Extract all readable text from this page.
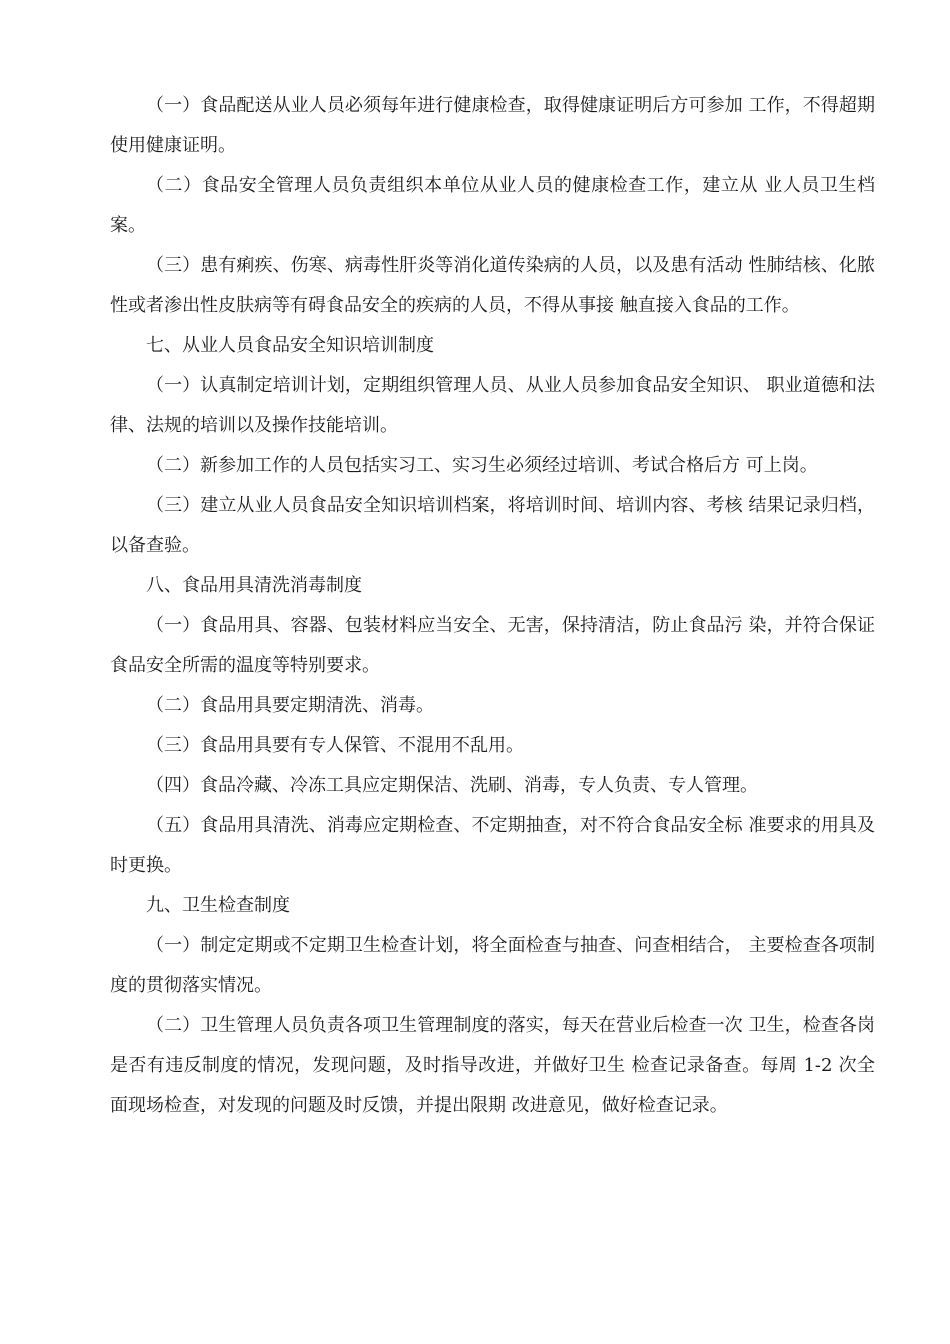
（一）食品配送从业人员必须每年进行健康检查，取得健康证明后方可参加 工作，不得超期使用健康证明。

（二）食品安全管理人员负责组织本单位从业人员的健康检查工作，建立从 业人员卫生档案。

（三）患有痢疾、伤寒、病毒性肝炎等消化道传染病的人员，以及患有活动 性肺结核、化脓性或者渗出性皮肤病等有碍食品安全的疾病的人员，不得从事接 触直接入食品的工作。

七、从业人员食品安全知识培训制度

（一）认真制定培训计划，定期组织管理人员、从业人员参加食品安全知识、 职业道德和法律、法规的培训以及操作技能培训。

（二）新参加工作的人员包括实习工、实习生必须经过培训、考试合格后方 可上岗。

（三）建立从业人员食品安全知识培训档案，将培训时间、培训内容、考核 结果记录归档，以备查验。

八、食品用具清洗消毒制度

（一）食品用具、容器、包装材料应当安全、无害，保持清洁，防止食品污 染，并符合保证食品安全所需的温度等特别要求。

（二）食品用具要定期清洗、消毒。

（三）食品用具要有专人保管、不混用不乱用。

（四）食品冷藏、冷冻工具应定期保洁、洗刷、消毒，专人负责、专人管理。

（五）食品用具清洗、消毒应定期检查、不定期抽查，对不符合食品安全标 准要求的用具及时更换。

九、卫生检查制度

（一）制定定期或不定期卫生检查计划，将全面检查与抽查、问查相结合， 主要检查各项制度的贯彻落实情况。

（二）卫生管理人员负责各项卫生管理制度的落实，每天在营业后检查一次 卫生，检查各岗是否有违反制度的情况，发现问题，及时指导改进，并做好卫生 检查记录备查。每周 1-2 次全面现场检查，对发现的问题及时反馈，并提出限期 改进意见，做好检查记录。
